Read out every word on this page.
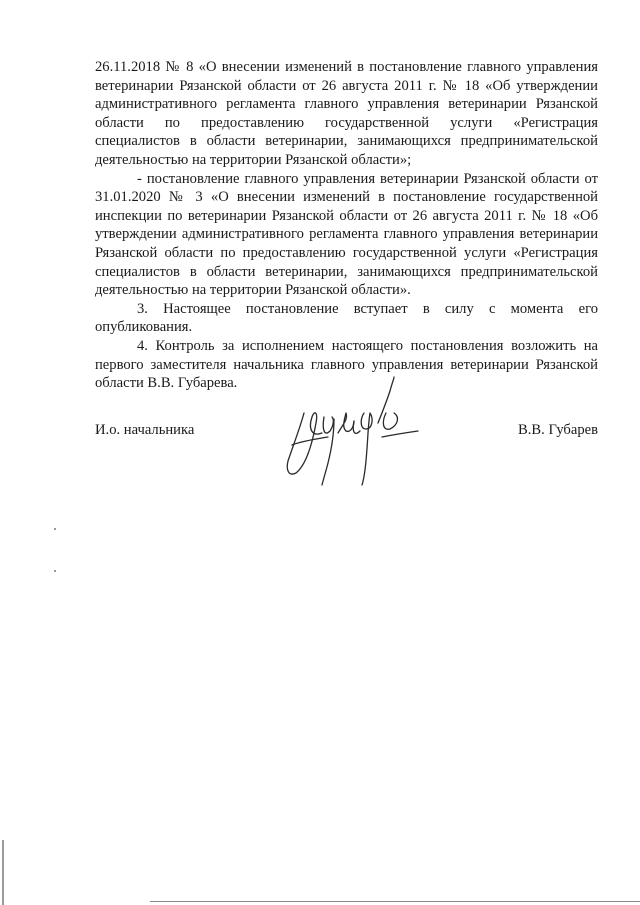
26.11.2018 № 8 «О внесении изменений в постановление главного управления ветеринарии Рязанской области от 26 августа 2011 г. № 18 «Об утверждении административного регламента главного управления ветеринарии Рязанской области по предоставлению государственной услуги «Регистрация специалистов в области ветеринарии, занимающихся предпринимательской деятельностью на территории Рязанской области»;

- постановление главного управления ветеринарии Рязанской области от 31.01.2020 № 3 «О внесении изменений в постановление государственной инспекции по ветеринарии Рязанской области от 26 августа 2011 г. № 18 «Об утверждении административного регламента главного управления ветеринарии Рязанской области по предоставлению государственной услуги «Регистрация специалистов в области ветеринарии, занимающихся предпринимательской деятельностью на территории Рязанской области».

3. Настоящее постановление вступает в силу с момента его опубликования.

4. Контроль за исполнением настоящего постановления возложить на первого заместителя начальника главного управления ветеринарии Рязанской области В.В. Губарева.

И.о. начальника	В.В. Губарев
